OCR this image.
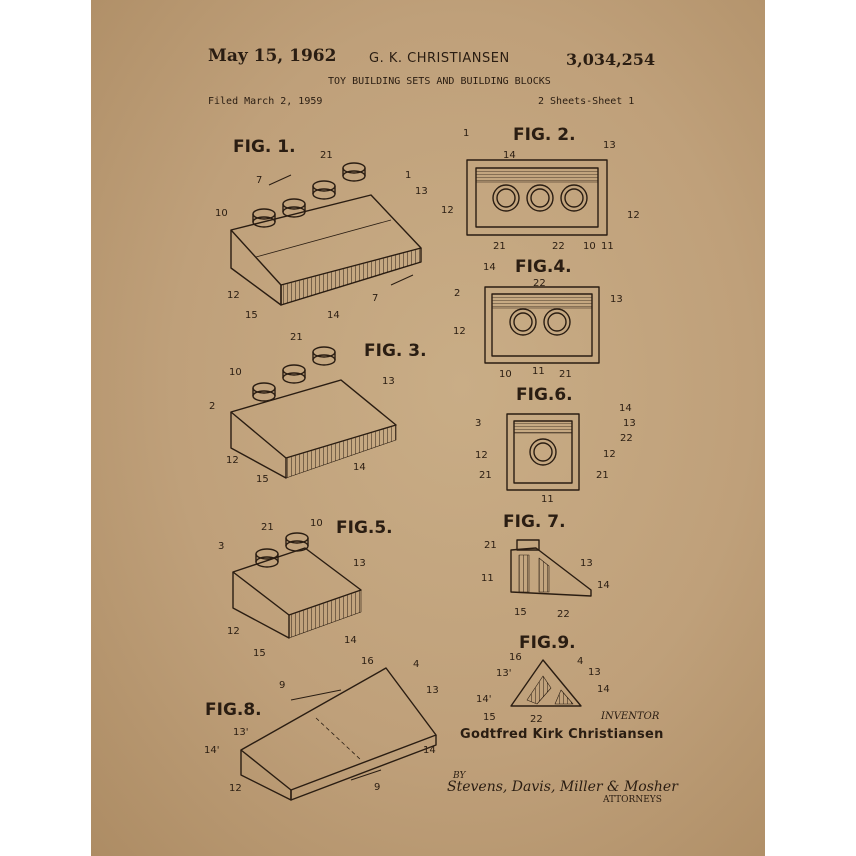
May 15, 1962	G. K. CHRISTIANSEN	3,034,254
TOY BUILDING SETS AND BUILDING BLOCKS
Filed March 2, 1959	2 Sheets-Sheet 1
FIG. 1.
FIG. 2.
FIG. 3.
FIG.4.
FIG.5.
FIG.6.
FIG. 7.
FIG.8.
FIG.9.
21
7	1
13
10
12
15	14
7
21
10
13
2
12
15
14
21	10
3
13
12
15
14
16	4
9	13
13'
14'	14
12	9
1
14
13
12	12
21	22 10 11
14
22
2
13
12
10 11 21
14
3	13
22
12	12
21	21
11
21
13
11
14
15	22
16	4
13'	13
14
14'
15	22	INVENTOR
Godtfred Kirk Christiansen
BY
Stevens, Davis, Miller & Mosher
ATTORNEYS
